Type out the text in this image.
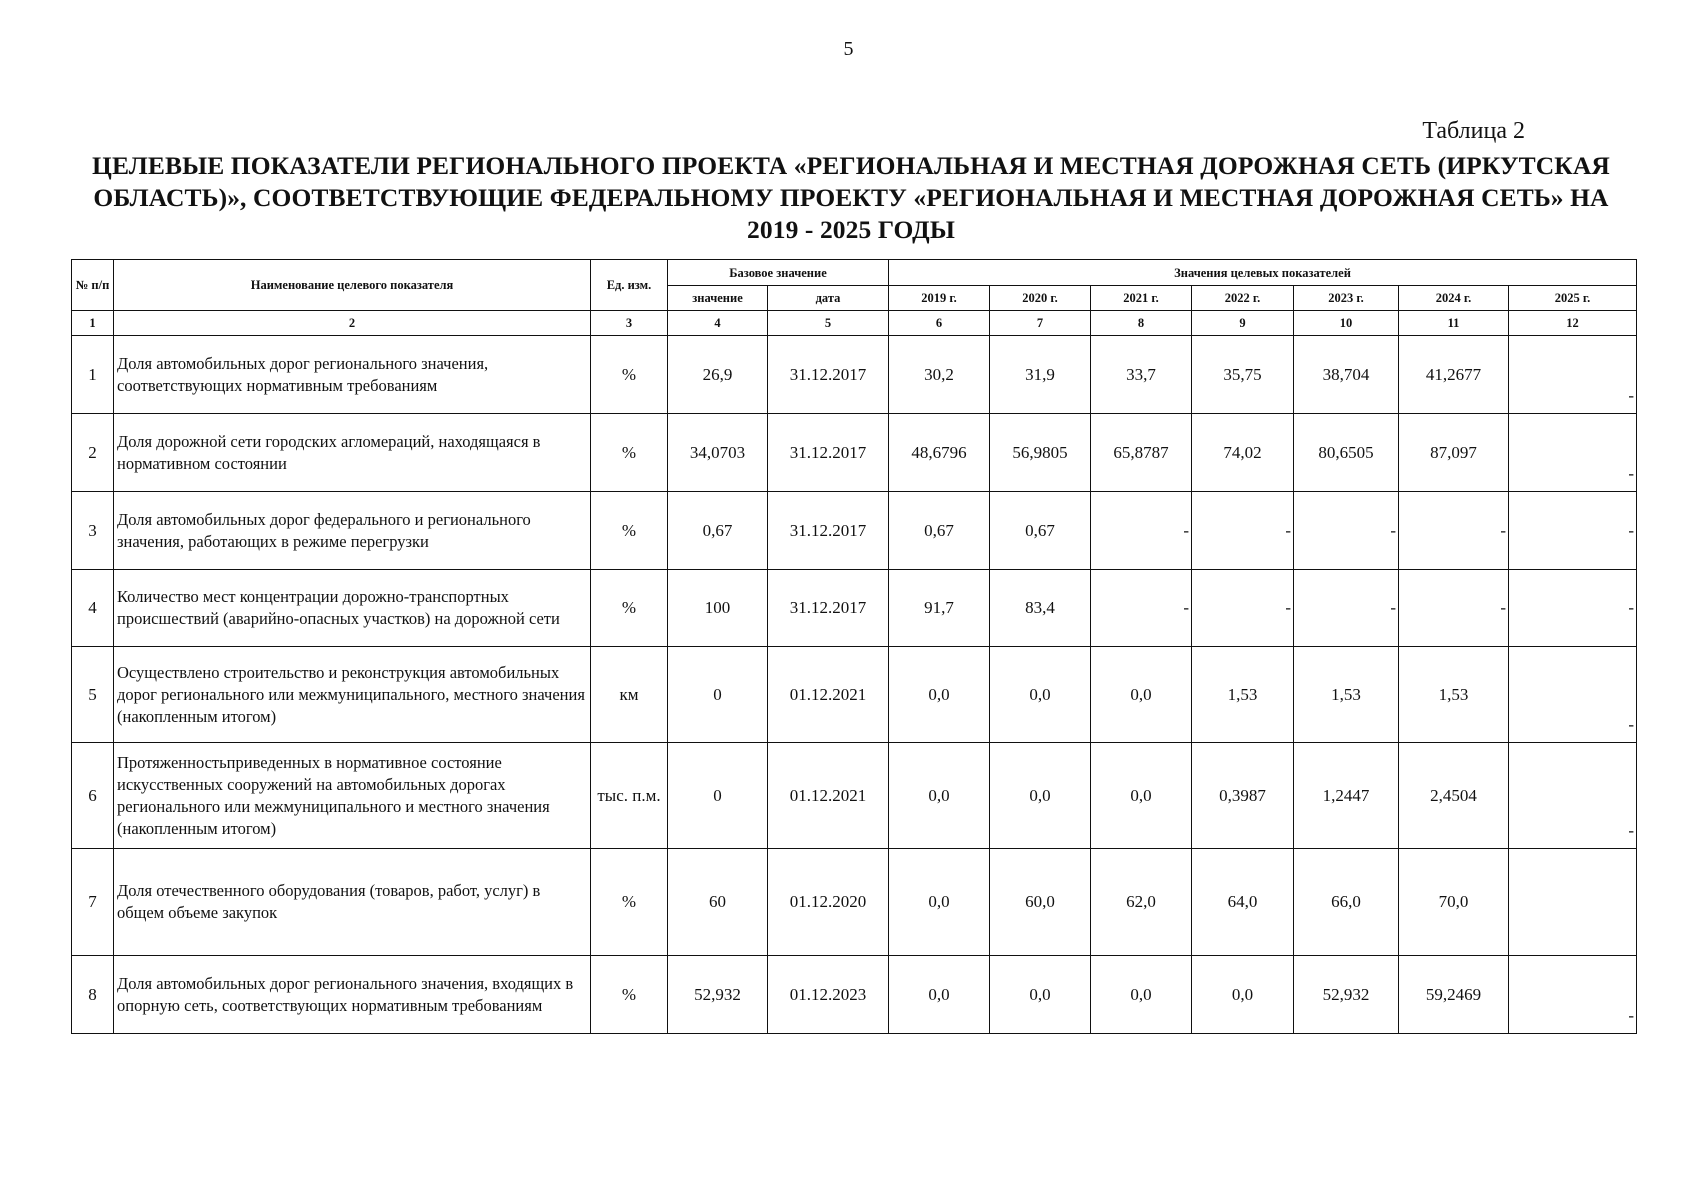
5
Таблица 2
ЦЕЛЕВЫЕ ПОКАЗАТЕЛИ РЕГИОНАЛЬНОГО ПРОЕКТА «РЕГИОНАЛЬНАЯ И МЕСТНАЯ ДОРОЖНАЯ СЕТЬ (ИРКУТСКАЯ ОБЛАСТЬ)», СООТВЕТСТВУЮЩИЕ ФЕДЕРАЛЬНОМУ ПРОЕКТУ «РЕГИОНАЛЬНАЯ И МЕСТНАЯ ДОРОЖНАЯ СЕТЬ» НА 2019 - 2025 ГОДЫ
№ п/п	Наименование целевого показателя	Ед. изм.	Базовое значение		Значения целевых показателей						
			значение	дата	2019 г.	2020 г.	2021 г.	2022 г.	2023 г.	2024 г.	2025 г.
1	2	3	4	5	6	7	8	9	10	11	12
1	Доля автомобильных дорог регионального значения, соответствующих нормативным требованиям	%	26,9	31.12.2017	30,2	31,9	33,7	35,75	38,704	41,2677	-
2	Доля дорожной сети городских агломераций, находящаяся в нормативном состоянии	%	34,0703	31.12.2017	48,6796	56,9805	65,8787	74,02	80,6505	87,097	-
3	Доля автомобильных дорог федерального и регионального значения, работающих в режиме перегрузки	%	0,67	31.12.2017	0,67	0,67	-	-	-	-	-
4	Количество мест концентрации дорожно-транспортных происшествий (аварийно-опасных участков) на дорожной сети	%	100	31.12.2017	91,7	83,4	-	-	-	-	-
5	Осуществлено строительство и реконструкция автомобильных дорог регионального или межмуниципального, местного значения (накопленным итогом)	км	0	01.12.2021	0,0	0,0	0,0	1,53	1,53	1,53	-
6	Протяженностьприведенных в нормативное состояние искусственных сооружений на автомобильных дорогах регионального или межмуниципального и местного значения (накопленным итогом)	тыс. п.м.	0	01.12.2021	0,0	0,0	0,0	0,3987	1,2447	2,4504	-
7	Доля отечественного оборудования (товаров, работ, услуг) в общем объеме закупок	%	60	01.12.2020	0,0	60,0	62,0	64,0	66,0	70,0	
8	Доля автомобильных дорог регионального значения, входящих в опорную сеть, соответствующих нормативным требованиям	%	52,932	01.12.2023	0,0	0,0	0,0	0,0	52,932	59,2469	-
